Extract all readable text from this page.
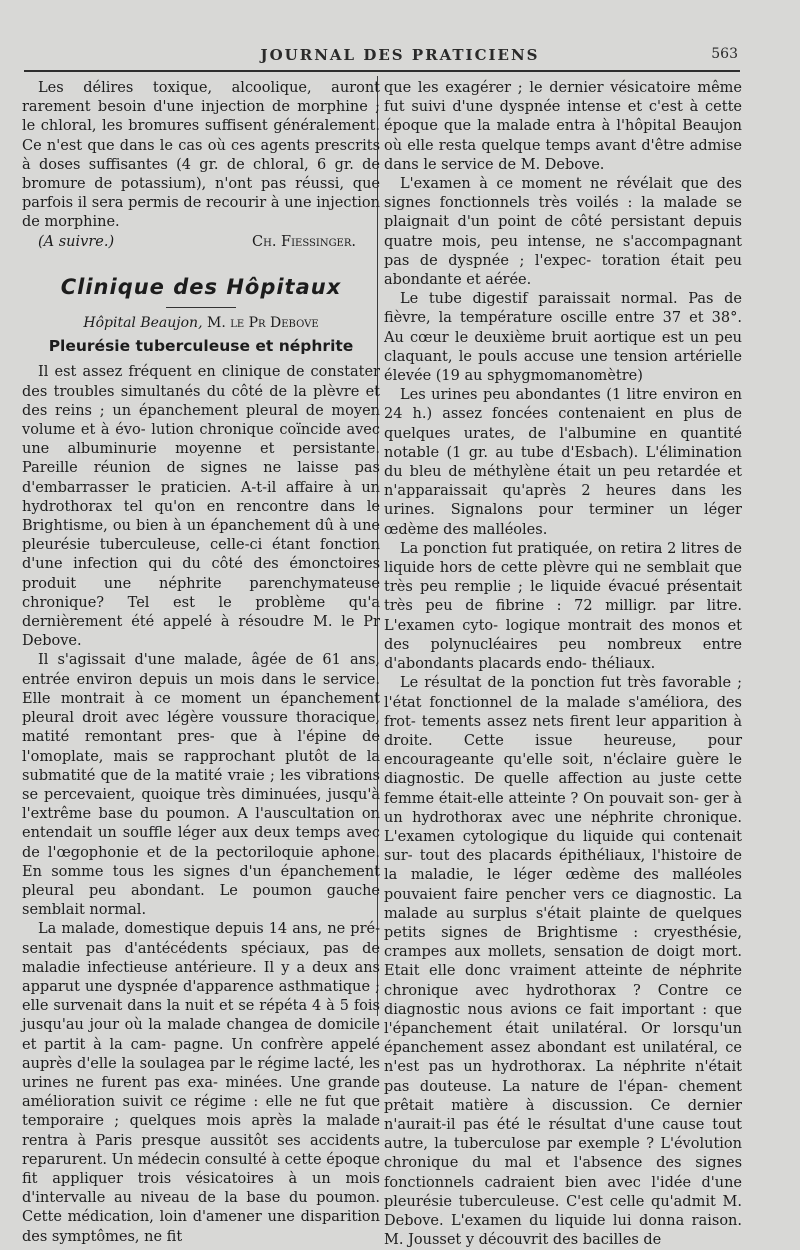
JOURNAL DES PRATICIENS	563

Les délires toxique, alcoolique, auront rarement besoin d'une injection de morphine ; le chloral, les bromures suffisent généralement. Ce n'est que dans le cas où ces agents prescrits à doses suffisantes (4 gr. de chloral, 6 gr. de bromure de potassium), n'ont pas réussi, que parfois il sera permis de recourir à une injection de morphine.

(A suivre.)	Ch. Fiessinger.
Clinique des Hôpitaux
Hôpital Beaujon, M. le Pr Debove
Pleurésie tuberculeuse et néphrite

Il est assez fréquent en clinique de constater des troubles simultanés du côté de la plèvre et des reins ; un épanchement pleural de moyen volume et à évo- lution chronique coïncide avec une albuminurie moyenne et persistante. Pareille réunion de signes ne laisse pas d'embarrasser le praticien. A-t-il affaire à un hydrothorax tel qu'on en rencontre dans le Brightisme, ou bien à un épanchement dû à une pleurésie tuberculeuse, celle-ci étant fonction d'une infection qui du côté des émonctoires produit une néphrite parenchymateuse chronique? Tel est le problème qu'a dernièrement été appelé à résoudre M. le Pr Debove.

Il s'agissait d'une malade, âgée de 61 ans, entrée environ depuis un mois dans le service. Elle montrait à ce moment un épanchement pleural droit avec légère voussure thoracique, matité remontant pres- que à l'épine de l'omoplate, mais se rapprochant plutôt de la submatité que de la matité vraie ; les vibrations se percevaient, quoique très diminuées, jusqu'à l'extrême base du poumon. A l'auscultation on entendait un souffle léger aux deux temps avec de l'œgophonie et de la pectoriloquie aphone. En somme tous les signes d'un épanchement pleural peu abondant. Le poumon gauche semblait normal.

La malade, domestique depuis 14 ans, ne pré- sentait pas d'antécédents spéciaux, pas de maladie infectieuse antérieure. Il y a deux ans apparut une dyspnée d'apparence asthmatique ; elle survenait dans la nuit et se répéta 4 à 5 fois jusqu'au jour où la malade changea de domicile et partit à la cam- pagne. Un confrère appelé auprès d'elle la soulagea par le régime lacté, les urines ne furent pas exa- minées. Une grande amélioration suivit ce régime : elle ne fut que temporaire ; quelques mois après la malade rentra à Paris presque aussitôt ses accidents reparurent. Un médecin consulté à cette époque fit appliquer trois vésicatoires à un mois d'intervalle au niveau de la base du poumon. Cette médication, loin d'amener une disparition des symptômes, ne fit

que les exagérer ; le dernier vésicatoire même fut suivi d'une dyspnée intense et c'est à cette époque que la malade entra à l'hôpital Beaujon où elle resta quelque temps avant d'être admise dans le service de M. Debove.

L'examen à ce moment ne révélait que des signes fonctionnels très voilés : la malade se plaignait d'un point de côté persistant depuis quatre mois, peu intense, ne s'accompagnant pas de dyspnée ; l'expec- toration était peu abondante et aérée.

Le tube digestif paraissait normal. Pas de fièvre, la température oscille entre 37 et 38°. Au cœur le deuxième bruit aortique est un peu claquant, le pouls accuse une tension artérielle élevée (19 au sphygmomanomètre)

Les urines peu abondantes (1 litre environ en 24 h.) assez foncées contenaient en plus de quelques urates, de l'albumine en quantité notable (1 gr. au tube d'Esbach). L'élimination du bleu de méthylène était un peu retardée et n'apparaissait qu'après 2 heures dans les urines. Signalons pour terminer un léger œdème des malléoles.

La ponction fut pratiquée, on retira 2 litres de liquide hors de cette plèvre qui ne semblait que très peu remplie ; le liquide évacué présentait très peu de fibrine : 72 milligr. par litre. L'examen cyto- logique montrait des monos et des polynucléaires peu nombreux entre d'abondants placards endo- théliaux.

Le résultat de la ponction fut très favorable ; l'état fonctionnel de la malade s'améliora, des frot- tements assez nets firent leur apparition à droite. Cette issue heureuse, pour encourageante qu'elle soit, n'éclaire guère le diagnostic. De quelle affection au juste cette femme était-elle atteinte ? On pouvait son- ger à un hydrothorax avec une néphrite chronique. L'examen cytologique du liquide qui contenait sur- tout des placards épithéliaux, l'histoire de la maladie, le léger œdème des malléoles pouvaient faire pencher vers ce diagnostic. La malade au surplus s'était plainte de quelques petits signes de Brightisme : cryesthésie, crampes aux mollets, sensation de doigt mort. Etait elle donc vraiment atteinte de néphrite chronique avec hydrothorax ? Contre ce diagnostic nous avions ce fait important : que l'épanchement était unilatéral. Or lorsqu'un épanchement assez abondant est unilatéral, ce n'est pas un hydrothorax. La néphrite n'était pas douteuse. La nature de l'épan- chement prêtait matière à discussion. Ce dernier n'aurait-il pas été le résultat d'une cause tout autre, la tuberculose par exemple ? L'évolution chronique du mal et l'absence des signes fonctionnels cadraient bien avec l'idée d'une pleurésie tuberculeuse. C'est celle qu'admit M. Debove. L'examen du liquide lui donna raison. M. Jousset y découvrit des bacilles de
